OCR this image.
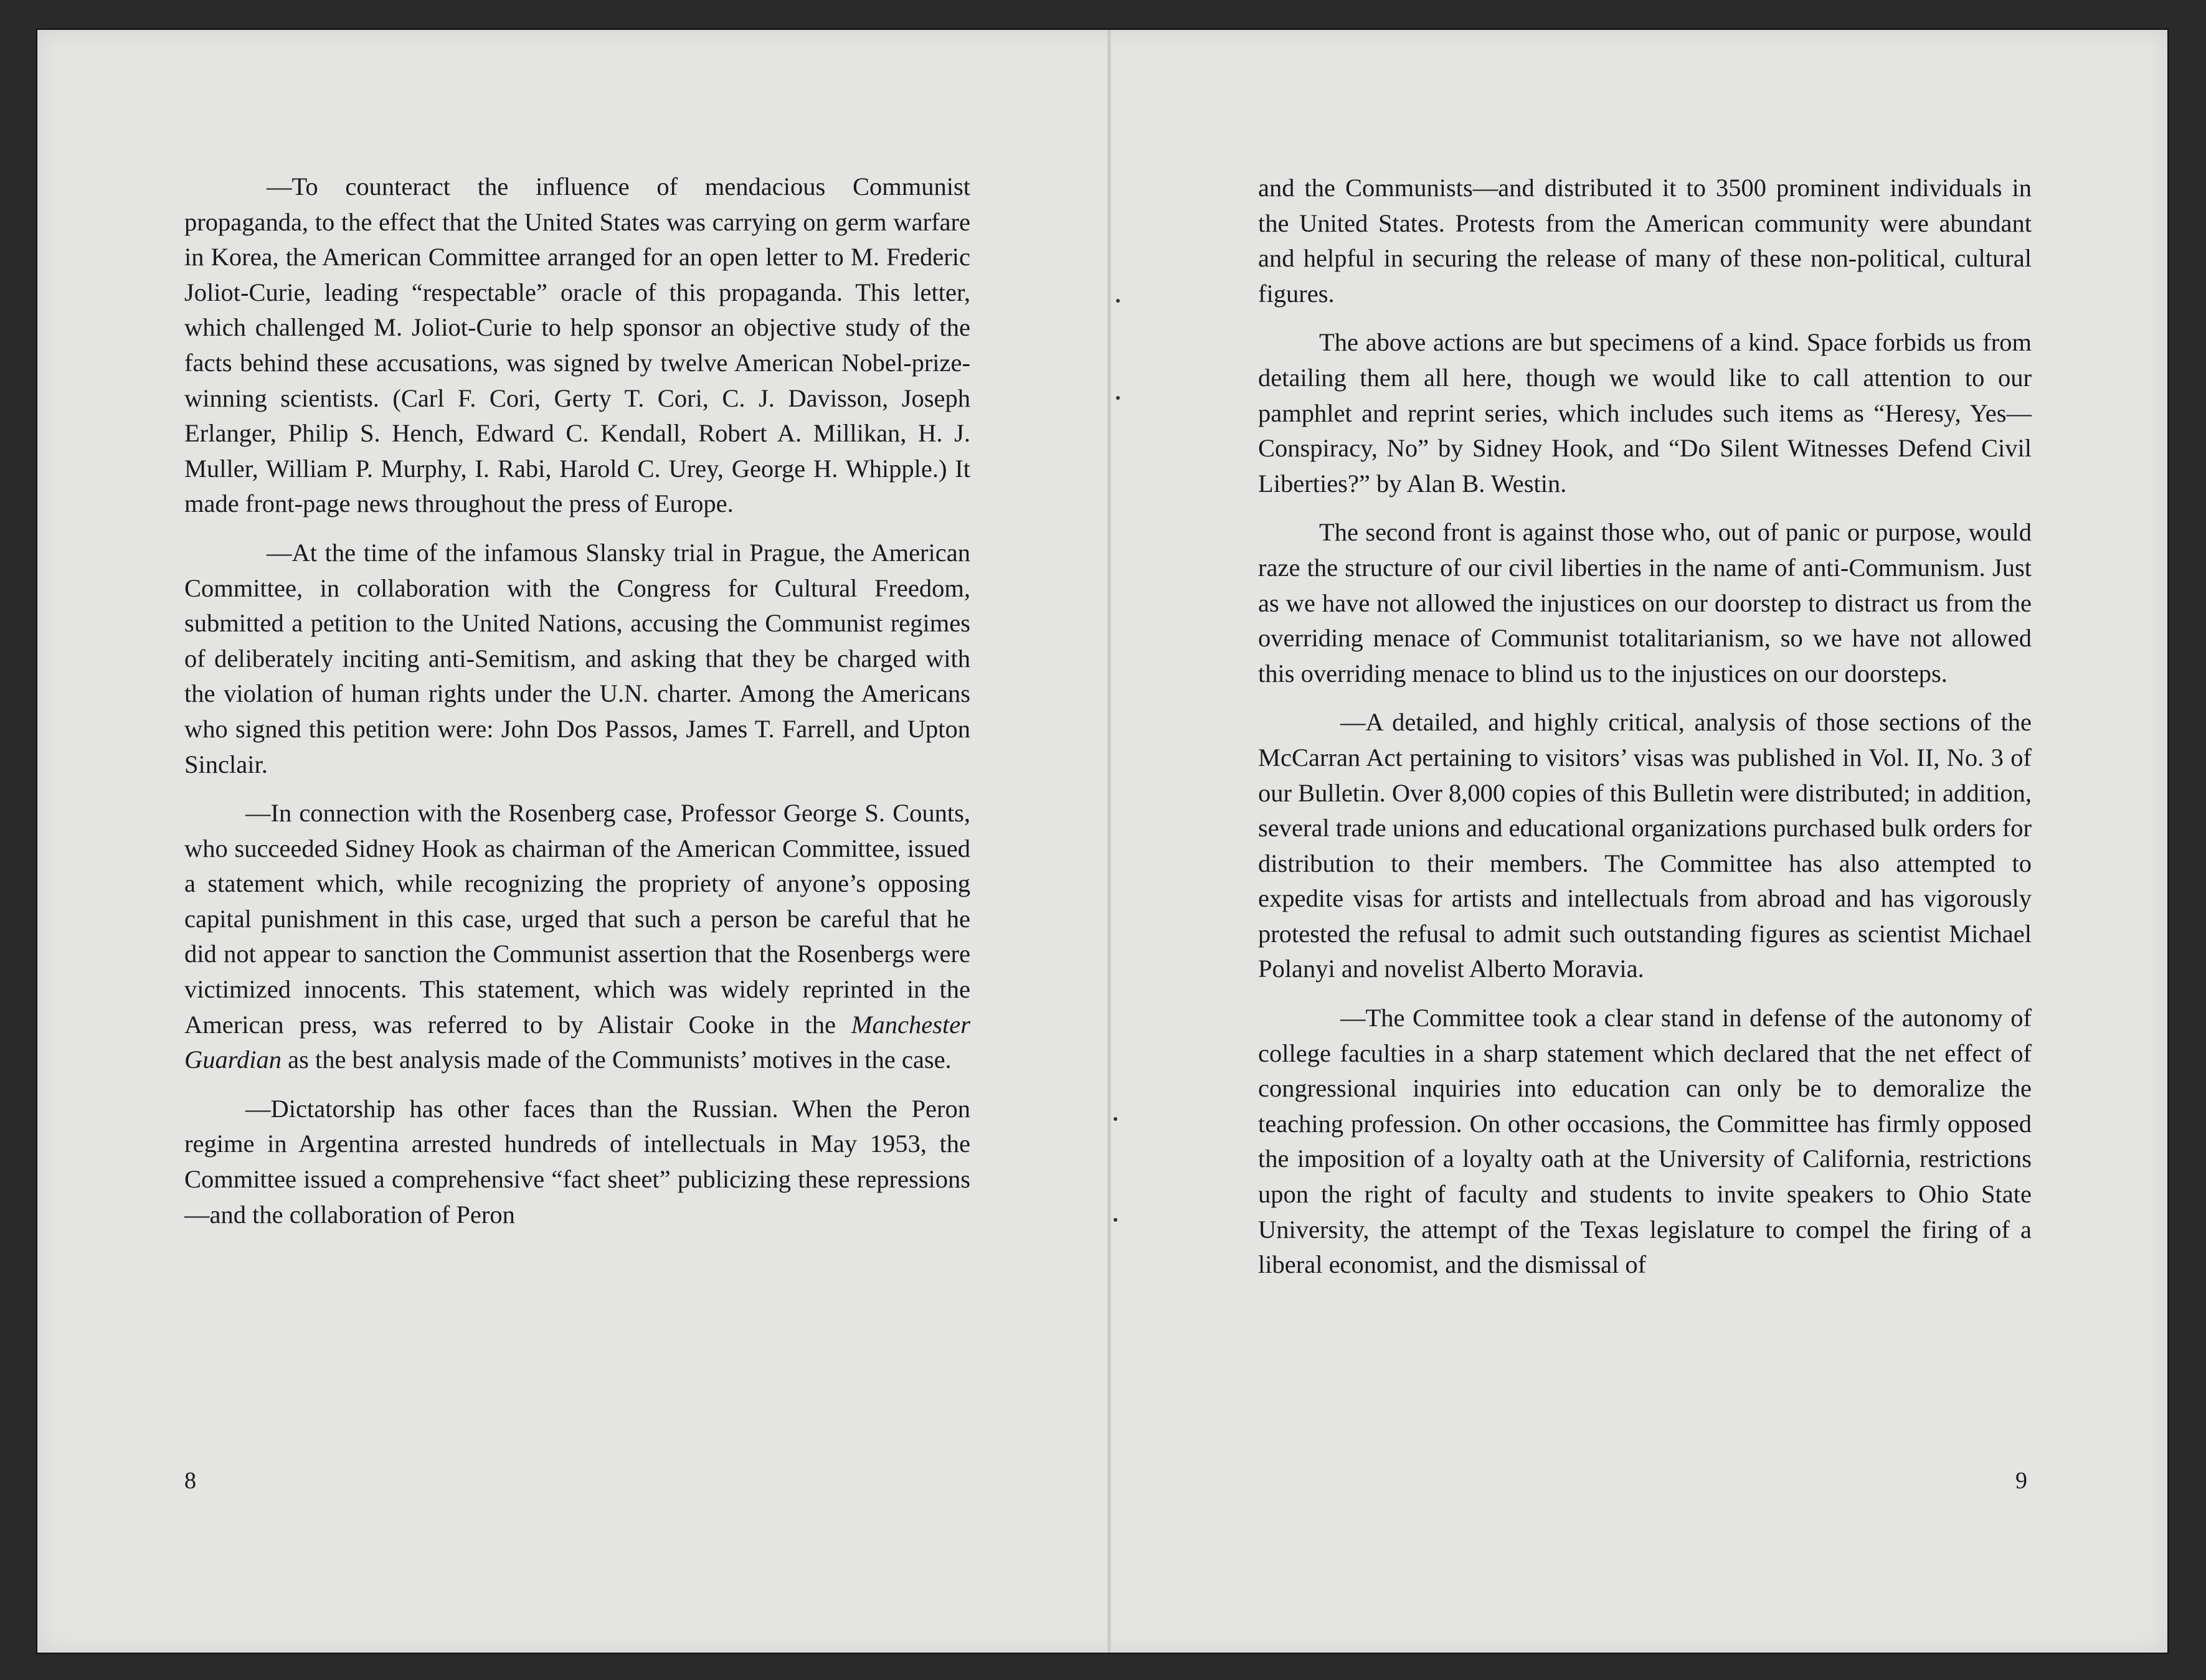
—To counteract the influence of mendacious Communist propaganda, to the effect that the United States was carrying on germ warfare in Korea, the American Committee arranged for an open letter to M. Frederic Joliot-Curie, leading “respectable” oracle of this propaganda. This letter, which challenged M. Joliot-Curie to help sponsor an objective study of the facts behind these accusations, was signed by twelve American Nobel-prize-winning scientists. (Carl F. Cori, Gerty T. Cori, C. J. Davisson, Joseph Erlanger, Philip S. Hench, Edward C. Kendall, Robert A. Millikan, H. J. Muller, William P. Murphy, I. Rabi, Harold C. Urey, George H. Whipple.) It made front-page news throughout the press of Europe.

—At the time of the infamous Slansky trial in Prague, the American Committee, in collaboration with the Congress for Cultural Freedom, submitted a petition to the United Nations, accusing the Communist regimes of deliberately inciting anti-Semitism, and asking that they be charged with the violation of human rights under the U.N. charter. Among the Americans who signed this petition were: John Dos Passos, James T. Farrell, and Upton Sinclair.

—In connection with the Rosenberg case, Professor George S. Counts, who succeeded Sidney Hook as chairman of the American Committee, issued a statement which, while recognizing the propriety of anyone’s opposing capital punishment in this case, urged that such a person be careful that he did not appear to sanction the Communist assertion that the Rosenbergs were victimized innocents. This statement, which was widely reprinted in the American press, was referred to by Alistair Cooke in the Manchester Guardian as the best analysis made of the Communists’ motives in the case.

—Dictatorship has other faces than the Russian. When the Peron regime in Argentina arrested hundreds of intellectuals in May 1953, the Committee issued a comprehensive “fact sheet” publicizing these repressions—and the collaboration of Peron

8

and the Communists—and distributed it to 3500 prominent individuals in the United States. Protests from the American community were abundant and helpful in securing the release of many of these non-political, cultural figures.

The above actions are but specimens of a kind. Space forbids us from detailing them all here, though we would like to call attention to our pamphlet and reprint series, which includes such items as “Heresy, Yes—Conspiracy, No” by Sidney Hook, and “Do Silent Witnesses Defend Civil Liberties?” by Alan B. Westin.

The second front is against those who, out of panic or purpose, would raze the structure of our civil liberties in the name of anti-Communism. Just as we have not allowed the injustices on our doorstep to distract us from the overriding menace of Communist totalitarianism, so we have not allowed this overriding menace to blind us to the injustices on our doorsteps.

—A detailed, and highly critical, analysis of those sections of the McCarran Act pertaining to visitors’ visas was published in Vol. II, No. 3 of our Bulletin. Over 8,000 copies of this Bulletin were distributed; in addition, several trade unions and educational organizations purchased bulk orders for distribution to their members. The Committee has also attempted to expedite visas for artists and intellectuals from abroad and has vigorously protested the refusal to admit such outstanding figures as scientist Michael Polanyi and novelist Alberto Moravia.

—The Committee took a clear stand in defense of the autonomy of college faculties in a sharp statement which declared that the net effect of congressional inquiries into education can only be to demoralize the teaching profession. On other occasions, the Committee has firmly opposed the imposition of a loyalty oath at the University of California, restrictions upon the right of faculty and students to invite speakers to Ohio State University, the attempt of the Texas legislature to compel the firing of a liberal economist, and the dismissal of

9
